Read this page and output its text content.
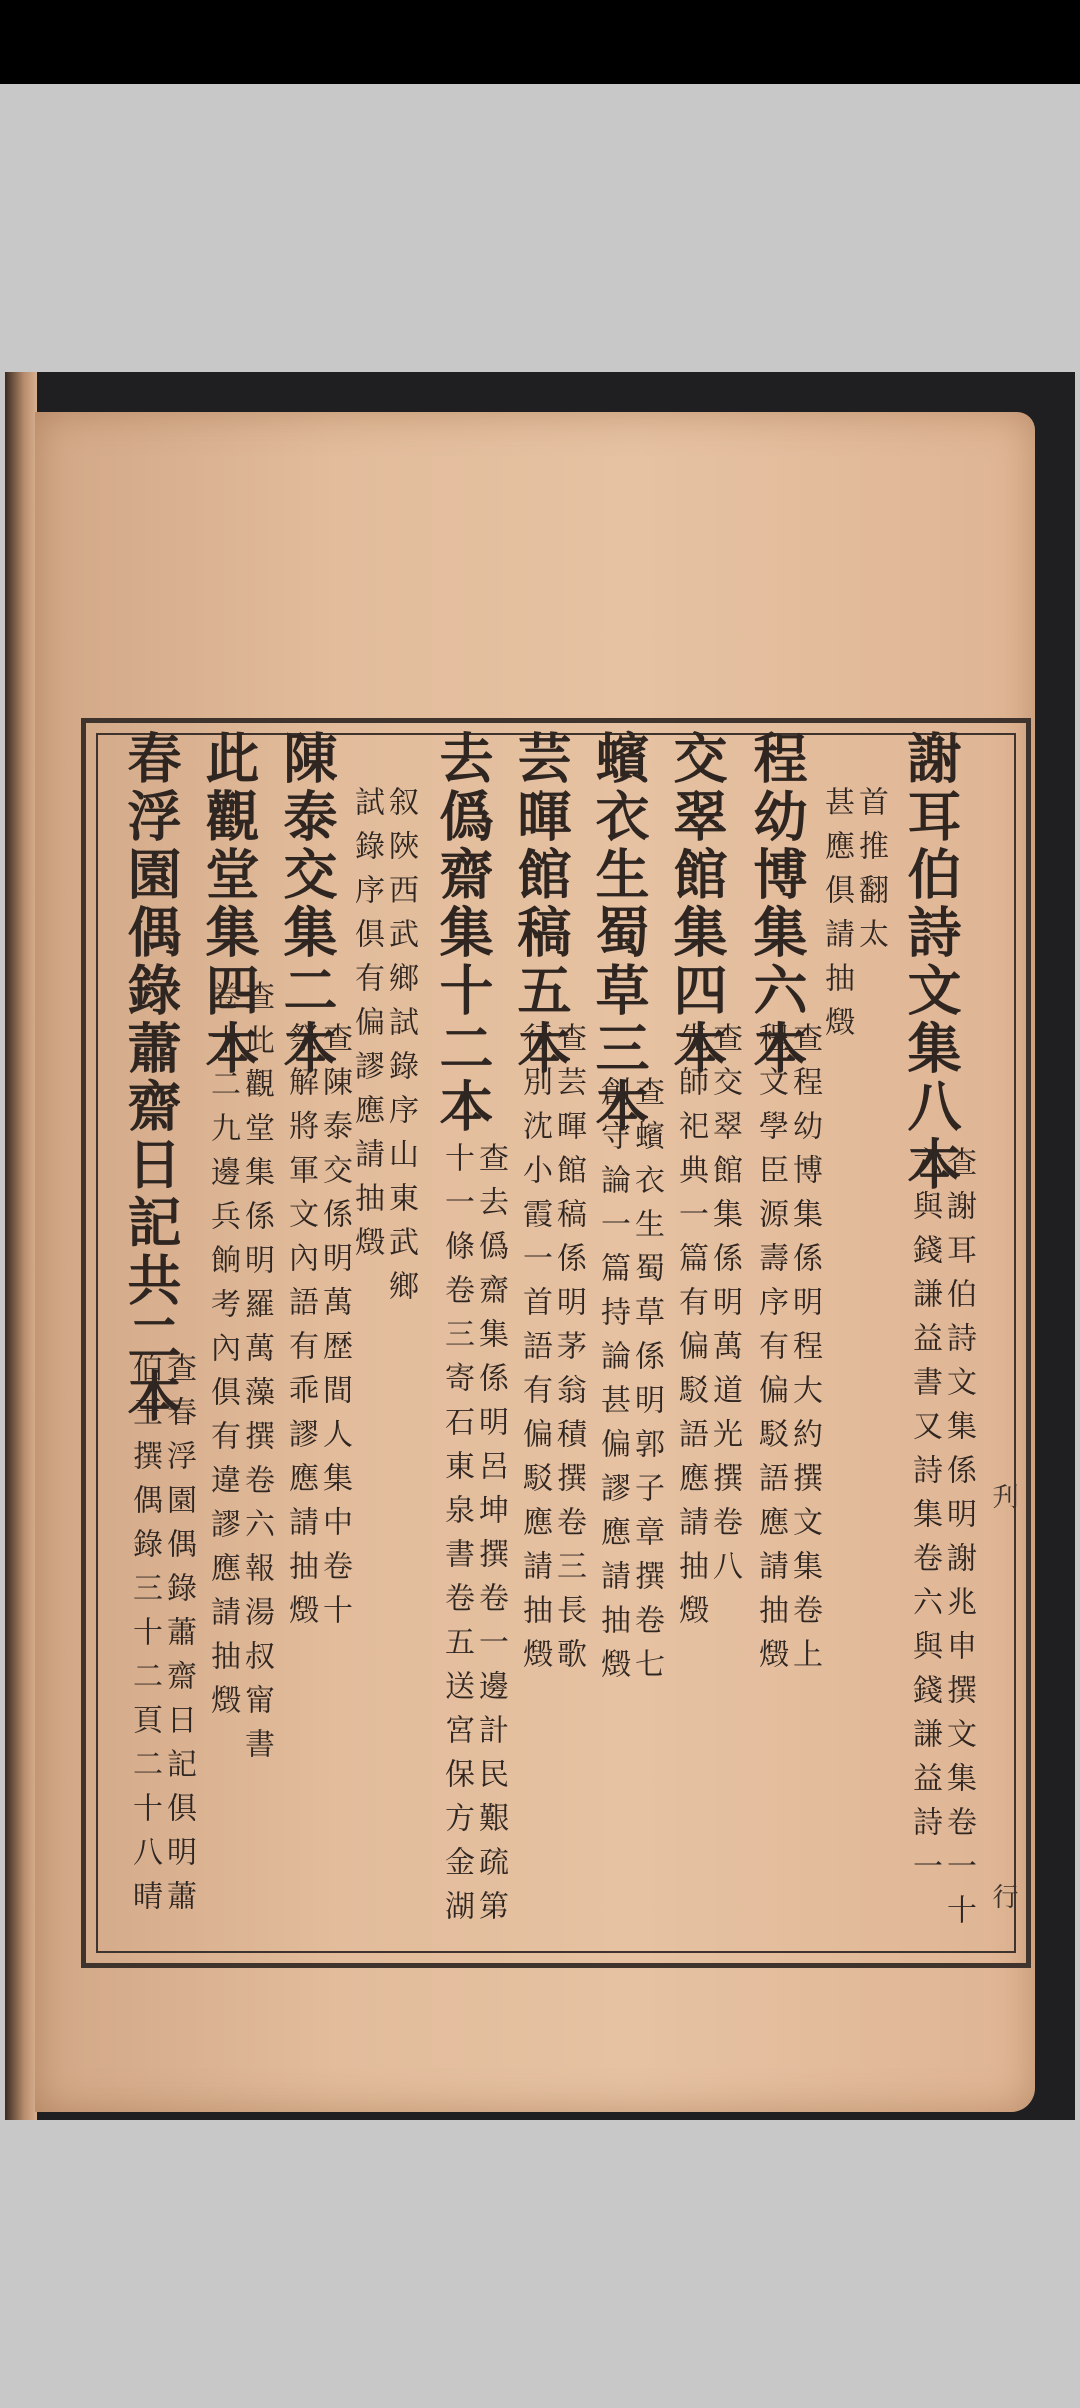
刋
行
謝耳伯詩文集八本
查謝耳伯詩文集係明謝兆申撰文集卷一十
六與錢謙益書又詩集卷六與錢謙益詩一
首推翻太
甚應俱請抽燬
程幼博集六本
查程幼博集係明程大約撰文集卷上
程文學臣源壽序有偏駁語應請抽燬
交翠館集四本
查交翠館集係明萬道光撰卷八
先師祀典一篇有偏駁語應請抽燬
蠙衣生蜀草三本
查蠙衣生蜀草係明郭子章撰卷七
創守論一篇持論甚偏謬應請抽燬
芸暉館稿五本
查芸暉館稿係明茅翁積撰卷三長歌
行別沈小霞一首語有偏駁應請抽燬
去僞齋集十二本
查去僞齋集係明呂坤撰卷一邊計民艱疏第
十一條卷三寄石東泉書卷五送宮保方金湖
叙陜西武鄉試錄序山東武鄉
試錄序俱有偏謬應請抽燬
陳泰交集二本
查陳泰交係明萬歴間人集中卷十
祭解將軍文內語有乖謬應請抽燬
此觀堂集四本
查此觀堂集係明羅萬藻撰卷六報湯叔甯書
卷十二九邊兵餉考內俱有違謬應請抽燬
春浮園偶錄蕭齋日記共二本
查春浮園偶錄蕭齋日記俱明蕭
伯玉撰偶錄三十二頁二十八晴
